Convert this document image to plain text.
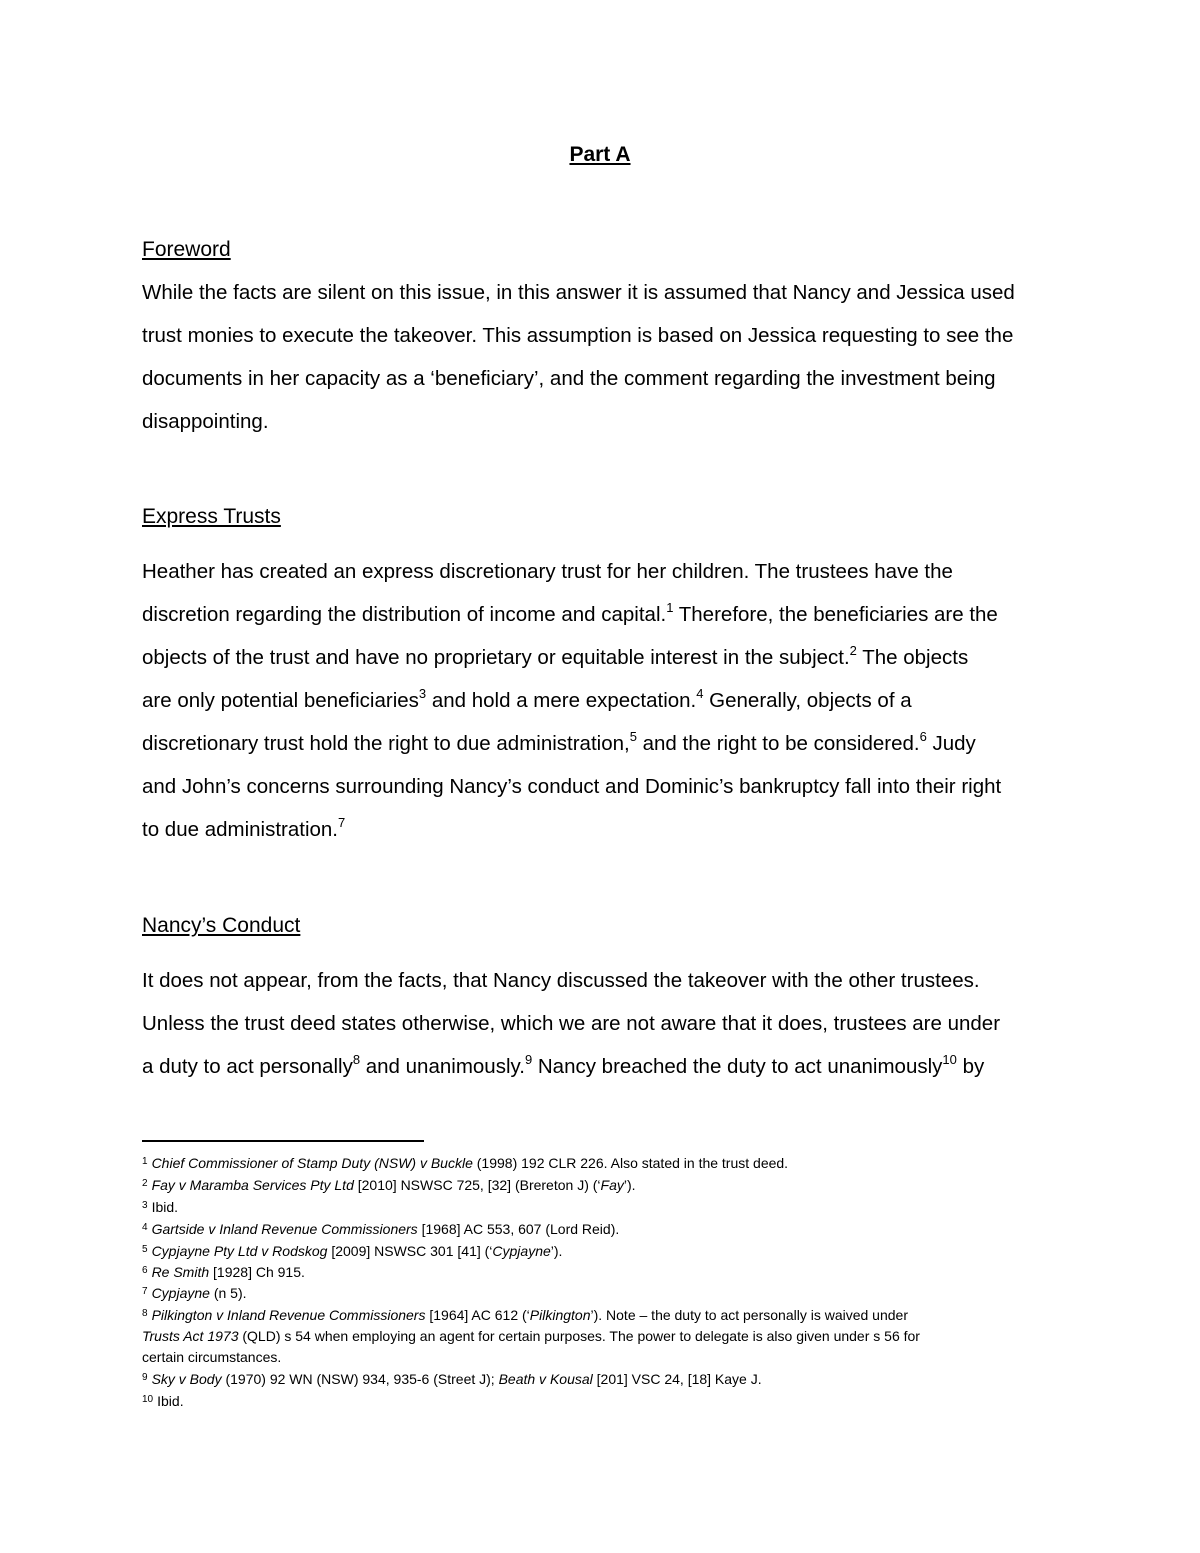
Part A
Foreword
While the facts are silent on this issue, in this answer it is assumed that Nancy and Jessica used
trust monies to execute the takeover. This assumption is based on Jessica requesting to see the
documents in her capacity as a ‘beneficiary’, and the comment regarding the investment being
disappointing.
Express Trusts
Heather has created an express discretionary trust for her children. The trustees have the
discretion regarding the distribution of income and capital.$^1$ Therefore, the beneficiaries are the
objects of the trust and have no proprietary or equitable interest in the subject.$^2$ The objects
are only potential beneficiaries$^3$ and hold a mere expectation.$^4$ Generally, objects of a
discretionary trust hold the right to due administration,$^5$ and the right to be considered.$^6$ Judy
and John’s concerns surrounding Nancy’s conduct and Dominic’s bankruptcy fall into their right
to due administration.$^7$
Nancy’s Conduct
It does not appear, from the facts, that Nancy discussed the takeover with the other trustees.
Unless the trust deed states otherwise, which we are not aware that it does, trustees are under
a duty to act personally$^8$ and unanimously.$^9$ Nancy breached the duty to act unanimously$^{10}$ by
$^1$ Chief Commissioner of Stamp Duty (NSW) v Buckle (1998) 192 CLR 226. Also stated in the trust deed.
$^2$ Fay v Maramba Services Pty Ltd [2010] NSWSC 725, [32] (Brereton J) (‘Fay’).
$^3$ Ibid.
$^4$ Gartside v Inland Revenue Commissioners [1968] AC 553, 607 (Lord Reid).
$^5$ Cypjayne Pty Ltd v Rodskog [2009] NSWSC 301 [41] (‘Cypjayne’).
$^6$ Re Smith [1928] Ch 915.
$^7$ Cypjayne (n 5).
$^8$ Pilkington v Inland Revenue Commissioners [1964] AC 612 (‘Pilkington’). Note – the duty to act personally is waived under
Trusts Act 1973 (QLD) s 54 when employing an agent for certain purposes. The power to delegate is also given under s 56 for
certain circumstances.
$^9$ Sky v Body (1970) 92 WN (NSW) 934, 935-6 (Street J); Beath v Kousal [201] VSC 24, [18] Kaye J.
$^{10}$ Ibid.
